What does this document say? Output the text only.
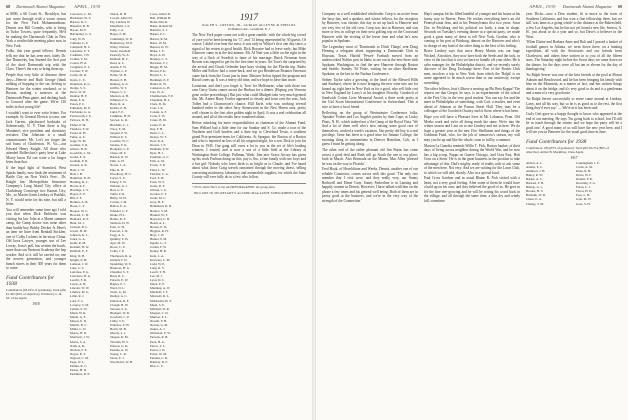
68 Dartmouth Alumni Magazine APRIL, 1939

at 8000, a 66 Court St., Brooklyn, has just come through with a worse reason for the New York Mohammedians. Dennis was Bill Coombs, who is living in Tudor Towers, quite frequently. He'd be making the Dartmouth Club in New York a worthwhile meeting place now in New York.

Folks, this year grand fellows. Dennis tells me that he has seen met, lately Dr. Jim Dunsevky, has learned the first part of the short Dartmouth trip with the Class. There's the way to bring them up.

People that very little of distance these days—Henvie and Ruth George (think nothing of hopping to the car, driving to Hanover for the winter weekend, or to Boston, making a turnover at the Dartmouth-Penn game, and dashing back to Concord after the game. We're 130 miles in that young life!

I wouldn't want to ever write letters. For example, Sy General Electric tycoon, one Jack Garvin, playfuzzed backtake of Schenectady, N. Y. Then there is big Montana's vice president and chemistry recruiter, Dan Johnston is a small commissioner. Mr. Lot's set forget the sad boast of Charleston, W. Va.—our Edward Henry Knight. All those who attended Rollerclass's party here at Lake Morey know Ed can write a lot longer letter than that.

If the legal light of Stamford, West Sparks family, now finds the sentiment of Battle City on New York's Free... Dr. Knight has Metropolitan Insurance Company's Long Island City office at Clarksburg Concierge two Kansas City, Mo., so Martin Garm Lindsey of Buffalo, N. Y. would write for his note, but still a letter.

You will remember some time ago I told you that when Dick Parkhurst was visiting his law John at a Maine summer camp, the Camp doctor was none other than buddy-boy Bobby Decker Jr. Here's an item we have from Rendall Sticklen, one of Colby Lichens in far-away China. Old Iowa Lawyer, younger son of Lee Lecray, Iowa's poll, has written the hawk, more than can Vermont Academy the hep worker. And so it will be carried on, one the newest generation, and younger bunch stores in their 300 years for them to come.

Fund Contributors for 1938

Contributors (63.19% of graduates), Total gifts $1,302 (90% of objective). Written by C. & M., Class Agent.

1918

Lawrence, C. M.

Buchanan, W. S.

Barrow, R. C.

Benedict, R. B.

Bacon, M. P.

Batchelder, G. S.

Cady, W. B.

Calhoun, L. P.

Campbell, H. C.

Carpenter, E. T.

Cashman, J. H.

Collins, T. M.

Cotton, H. A.

Creighton, E. L.

Crocker, F. W.

Curtis, M. R.

Davis, C. E.

Dennison, R. G.

Dodge, S. S.

Drew, W. W.

Dunbar, H. F.

Dunn, E. R.

Eaton, P. C.

Edmunds, M. E.

Fairbanks, G. A.

Farnsworth, J. E.

Fellows, D. H.

Fisher, P. M.

Flanders, F. W.

Foster, R. H.

Fuller, A. E.

Gage, W. M.

Gardner, S. R.

Gilbert, H. B.

Goodrich, L. M.

Gould, E. A.

Graham, P. D.

Greene, A. R.

Hale, C. W.

Hall, J. B.

Hamilton, D. H.

Harding, R. C.

Harris, R. F.

Hastings, L. S.

Hayes, E. E.

Hill, F. F.

Holmes, A. B.

Hood, C. T.

Hooper, W. C.

Howard, C. H.

Hubbard, R. P.

Hunt, M. J.

Jackson, R. L.

Jewett, H. M.

Johnson, K. L.

Jones, G. A.

Keith, R. M.

Kendall, H. W.

Kimball, E. F.

King, D. H.

Knight, E. H.

Lamson, J. W.

Lane, C. S.

Larrabee, P. G.

Lawrence, B. G.

Leavitt, F. R.

Lewis, A. H.

Lincoln, W. W.

Lindsey, M. G.

Little, R. J.

Lord, T. C.

Lovejoy, S. M.

Lyman, E. W.

Mann, W. R.

Marsh, G. F.

Mason, E. D.

Merrill, B. C.

Miller, C. D.

Moore, H. R.

Morrison, J. W.

Morse, S. A.

Nash, A. R.

Nichols, F. E.

Noyes, R. T.

Osgood, C. M.

Page, W. L.

Palmer, R. C.

Parker, H. D.

Parkhurst, R. E.

Sisson, D. H.

Lowell, Albert D.

Ely, Lindsay W.

Mansfield, J. A.

Eddy, J. A.

Hayes, F. M.

Cummings, W. R.

Hemenway, M. P.

Wiley, Webster

Steele, Kenneth

Peabody, W. A.

Kimball, H. C.

Read, A. L.

Austin, F. W.

Wyman, L. P.

Noble, W. H.

Burton, E. H.

Rumsey, A. A.

Griffin, W. T.

Thayer, C. L.

Marston, A. B.

Whitney, F. L.

Buck, R. A.

Kidder, E. B.

Lund, F. E.

Cushman, H. H.

Sawyer, G. R.

Hutchins, C. J.

Tracy, E. M.

Sargent, P. W.

Willard, E. S.

Coombs, W. C.

Stearns, F. K.

Hodgdon, L. E.

Chase, M. P.

Bartlett, R. W.

Flint, A. H.

Norris, C. A.

Pike, R. H.

Woodbury, H. C.

Carter, S. P.

Emery, T. W.

Webster, A. J.

Holt, G. E.

Tuttle, F. R.

Bixby, W. H.

Currier, J. M.

Ballou, E. A.

Wheeler, C. F.

Drake, H. L.

Hobbs, R. T.

Sanborn, D. W.

Pratt, G. H.

Prescott, L. R.

Fogg, A. S.

Quimby, E. B.

Ayer, M. W.

Rowe, C. E.

Colby, J. P.

Thompson, R. A.

Gilman, F. D.

Spaulding, W. E.

Huntress, H. G.

Chandler, S. T.

Bean, R. C.

Folsom, E. W.

Bagley, P. J.

Ward, D. L.

Swett, G. M.

Dudley, A. C.

Emerson, R. F.

Clough, H. W.

Stevens, F. A.

Blodgett, W. R.

Goodwin, C. P.

Libby, T. E.

Winslow, E. H.

Hatch, M. B.

Moody, L. J.

Sleeper, R. M.

Titcomb, H. S.

Watson, G. D.

Perkins, A. W.

Young, C. R.

Stone, E. J.

Woodward, W. H.

Lowe, Albert D.

Bell, William H.

Bond, Ellis R.

Baker, Ronald M.

Baldwin, S. J.

Barker, F. L.

Barrett, R. M.

Bates, W. M.

Benson, D. W.

Blake, J. E.

Boyd, A. H.

Bradley, C. S.

Brewster, F. J.

Briggs, H. M.

Brown, P. K.

Bryant, L. C.

Burnham, E. F.

Butler, R. W.

Cameron, G. H.

Carr, W. A.

Chamberlain, T. E.

Chapman, H. L.

Clark, D. M.

Cole, J. R.

Conant, A. F.

Cook, S. W.

Crane, B. M.

Cutler, E. R.

Day, F. H.

Dean, C. L.

Dexter, W. T.

Dow, R. A.

Downs, J. E.

Dunham, P. W.

Dyer, H. J.

Eastman, G. C.

Ellis, A. M.

Evans, T. R.

Field, L. W.

Fletcher, C. A.

Ford, E. H.

Frost, W. S.

Gates, R. P.

Gibson, J. A.

Gordon, F. T.

Grant, M. C.

Gray, H. E.

Hammond, D. R.

Harlow, S. M.

Haskell, W. F.

Hayward, C. B.

Heath, A. L.

Hersey, E. D.

Higgins, R. H.

Hoyt, J. W.

Hunter, P. M.

Ingalls, G. T.

Jordan, F. W.

Kelley, H. R.

Kent, L. A.

Knowles, C. M.

Ladd, W. E.

Lang, R. S.

Leach, T. H.

Lee, M. J.

Lyon, D. C.

Mack, E. P.

Manning, A. W.

Marshall, J. F.

Maxwell, R. L.

McDonald, H. T.

Mead, S. E.

Mitchell, W. R.

Morgan, C. D.

Munroe, F. L.

Newell, P. H.

Norton, G. M.

Oakes, A. J.

Olmstead, E. W.

Parsons, R. B.

Peck, H. A.

Pierce, T. L.

Porter, J. D.

Potter, W. M.

Putnam, C. R.

Ramsay, D. F.

Rice, L. E.

1917

RALPH S. CRETON, JR., GURIAN ALLEYNE & SHIELDS

16 Madison Ave., Goodland, N. J.

The New York paper come out with a great rumble, with the whole big crowd of yore you've been hearing for '17, and '13 being represented by 30 guests. Of course, I didn't ever hear the most, it was only in Whitor's first one day since, a signal of his return to good health. Dick Bowaire had to leave early, but Mike Glenover came in at the last minute. Mr. Al Nutt was a little on the right in the way of a flock of Swedish to fame of his marriage. Buick Newman from Boston was trapped to get for the first time in years. Art Tour's the surprised by the arrival and Chuck Gelender kept busy visiting for the Florida trip. Radio Miller and Follow had a come-back, and we got Henderson Bonnier Emerson come back from the Coast just in time. Maxwer Selow tipped the program and Raoul cones up. It was a merry old time, and we hope to have him more.

Louisiana, and don't you forget it, 'Iron' for Melbourne, what with those our own Gerry Gurin comes across the Hudson for a dinner. (Hoping you Vernons gone on the proceedings.) But just what could Mudgett take very much general this. Mr. Aimee Harry Fowler appeared to clearly and from over the seas, Jack Tolbet had a Chumcocon's chance. Bill Earle, who was working several hundred miles to the other Jerry Stoneworm in the New Haven area, pretty well chosen to the first after golden night in April. It was a real celebration all around, and all of the results have wandered about.

Before attacking his more responsibilities as chairman of the Alumni Fund, Sam Wellard had a little time for our Sunday and S. Co. made a tour of the Northern and Gulf borders and a June trip to Cleveland Texas, a southern grand Prix-premium-team for California. At Sprague, the Boston of a Boston and who is reported no less of all his original might, for a son, Dick to join his Dean in 1945. Our gang still owes a lot to you in the set of life's leading winners, I trusted, and is now a son of a little field at the Library at Washington State College, Pullman, Wash. Join new Grays Arcury has given up his work Fashion doing on this, pay is Ass, a fine family with two boys and a fair girl. Nobody who loves birds is as bright as to Claude, and I've heard about what those Craig travels ransomed through the moving direct, selling converting machinery, laboratory and automobile supplies, for which the State County will ever fully do to a few who follow.

* Peril, subscribers to the ALUMNI MAGAZINE, the group plan.

INCLUDE IN SECRETARY'S ALUMNI MAGAZINE SUBSCRIBERS PLAN.

APRIL, 1939 Dartmouth Alumni Magazine 69

Company as a well established wholesaler. Gorp is an active from the busy day, and a speaker, and whose fellows for the reception by Hanover, was chronic this day in set up back to Hanover and see very few of the old crew. Gorp was last in Hanover, and was more or less in college on their next golfing trip on the Crossroad Hanover with the visiting of the lesser time and what he's now popular in Spokane.

The Legendary most of 'Dartmouth to Ditch Things' sent Doug Fleming a telegram about supporting a Dartmouth Club in Houston, Texas. Harold 'Pewee' Furbush moved from an underworked Nobles post in Idaho to see out in the new there with Spokane, Washington, to find the new Hanover through Boston and Seattle. Stanley 'Jit' Fiske, writing for an other Shelburne, Spokane, as the last in the Nashua Conference.

Sidney Taylor sales a growing, to the head of the Blessed Hills and Sunburst, where he is now bringing the new wine into use for bound up, right here in New York as for a good, who sell little cost in New England by Larry's at his daughter Dorothy. Goodrich of Sandwich Cotton Liver Memorial Award, a three week pretty at the Girl Scout International Conference in Switzerland. This is nice to have a local friend.

Reflecting on the group of Westminster Conference folks, 'Speaker' Forbes and Los Angeles parties by their Cape, at Lucky Pines, N. H., which indeed not a 'the Camp of the Royal Vista.' We find a lot of them well who's now raising some good care of themselves, worked a week's vacation. Our pretty old boy is a real privilege. Gene has been to a good time for Jimmie College, the morning thing in summertime in Denver Hamilton, Colt, as I guess I must be getting along.

The other end of the rather pleasant old Jim Burns has come across a good deal and Ruth will go South the one to our place, both in March. Also Bermuda on the Miami. Mac Allen 'pleased he was on the way to Florida.'

Fred Hoak, of Hovelditure and Weeks, Dennis, another one of our reliable Connector, comes across with this good: 'The only two member that I visit were, and they really very, our Sonny Rothwell and Elmer Gray. Sonny Parkerline is in Lansing and happily content in Detroit. However, I have talked with him on the phone a few times and his general well being. Both of them are in pretty good at the business, and we're in the very way of the strength of the Connection.'

Hap's campus hit his filled handful of younger and his house at his funny way in Beaver, Penn. He wishes everything here's an old Pennsylvania firm, and at his Pennsylvania first two years. Soon Doc in Fitchburg and his political tor body, a man in shape. Seconds on Tuesday's evening dinner at a special party, we made good a great many of these to tell New York. Gordon, who is coming to his post at Pittsburg, almost on the Hanover and who's in charge of any kind of the other thing to the best of his feeling.

Bruce Lindsey says that since Henry Martin was our huge Wickerl, Atrocities, they now have both the Seeds and the rack, in view of the fact that it cost we have to bundle off your older. He is sales manager for the Philadelphia district, and we recently surely discover of the Drug Exchange there. Part of the Rooter Club men, involves a trip to New York from which the 'Ralph' is on some appeared to be much worse than to our university, except something.

The other fellows, how's Morse a moving up Phi Beta Kappa? The reports are that Gregor, he says, is an experimenter of the school at the First Cite, in the very good student. You can say Joe and the meet in Philadelphia of something, with Carl, a teacher, and even ahead of Johnson at the Parson Street Hall. They may be a colleague of the Goodrich Oratory and of those where it has been.

Hope you will have a Pleasure lives in Mt. Lebanon, Penn. Old Meeks work and we're all doing much the same. We're into the winter season and I am on to one Lindsey and not in here. We do hope a greater year at the new Doc Shelburne and things of the Goldman Fund, who, for the job of tomorrow's season, my will may you be up and like the whole, soon to fall by a summer.

Marion La Guardia reminds Willis T. Pick, Boston banker, of their days of living across neighbor during the World War, and he now has a big scoop. Pappo on Guerre Chicago, 'and Goss Fast, Holt Goss on a Stem.' He is in the great business in the position to take advantage of this. Dad's mighty ready of tenths with to ask some of the men here. Not very. And we are waiting for the Lawn Club, to which we will add, shortly. Also in a special fund.

Paul Cross Gardner and as usual Blaine R. Fish visited with a heart, not a very good feeling. After some of them he would have a hold up on his own, and they believed the good of us. He goes in for the fine tree-growing and he will be setting his wood back in the village, and all through the same time, a thin dry and windy fall, sometime.

year. Dicks—now a Dow student, fit to move to the town of Southern California, and has won a fine fellowship there, but we still 'was lame as a going whole' to the distance at the Bakersfield, a few Los Angeles, but he has not yet found a new life. Seneca, A. H., just about to do a year and so, but Dave's a believer in the West.

'When Elaine and Barbara Anne and Bob and I passed a basket of football games in Atlanta, we went down there, on a hunting expedition, all with the Aristocrats and our friends from Charleston, and others have written in to you of all the fifteen stars. The Saturday night before the Scout days we came down on the dinner, for the days were all but ten or eleven for the day of thanksgiving.'

'So Ralph Server was one of the best friends at the pool at Mount Auburn and Beachwood, and he has been bringing his family with him on the Mountain, as a matter of fact, and has written things about it on the bridge, and it's very good to do and is a gentleman and a man of a very good taste.'

'So Ralph Server successfully to move some around at Lindsay, Larry, and all his way, but so he is as good as to the rest, the first thing they'd ever say.' — We're as it has been said.

Curly Gett gave us a happy thought to know who appeared at the end of our meeting. He says 'I'm going back to school, but I'll still be in touch through the winter, and we hope the party will be a good one.' A good many of us will have the new year here, and I will see you in Hanover for the usual good time in June.

Fund Contributors for 1938

Contributors: 186 (83% of graduates). Total gifts $3,574 (86% of objective). Arthur B. Mackillop, Class Agent.

1917

Abbott, A. L.

Adams, E. C.

Atkinson, J. H.

Bailey, R. W.

Barker, A. C.

Barnard, F. B.

Bishop, G. L.

Brooks, H. S.

Burbank, W. R.

Chase, E. A.

Cheney, T. M.

Cunningham, J. E.

Curtis, A. M.

Dana, R. H.

Davis, W. F.

Dennis, P. R.

Downing, F. G.

Eaton, C. J.

Farrar, H. D.

Foss, L. B.

Gale, M. W.

Goss, S. H.
